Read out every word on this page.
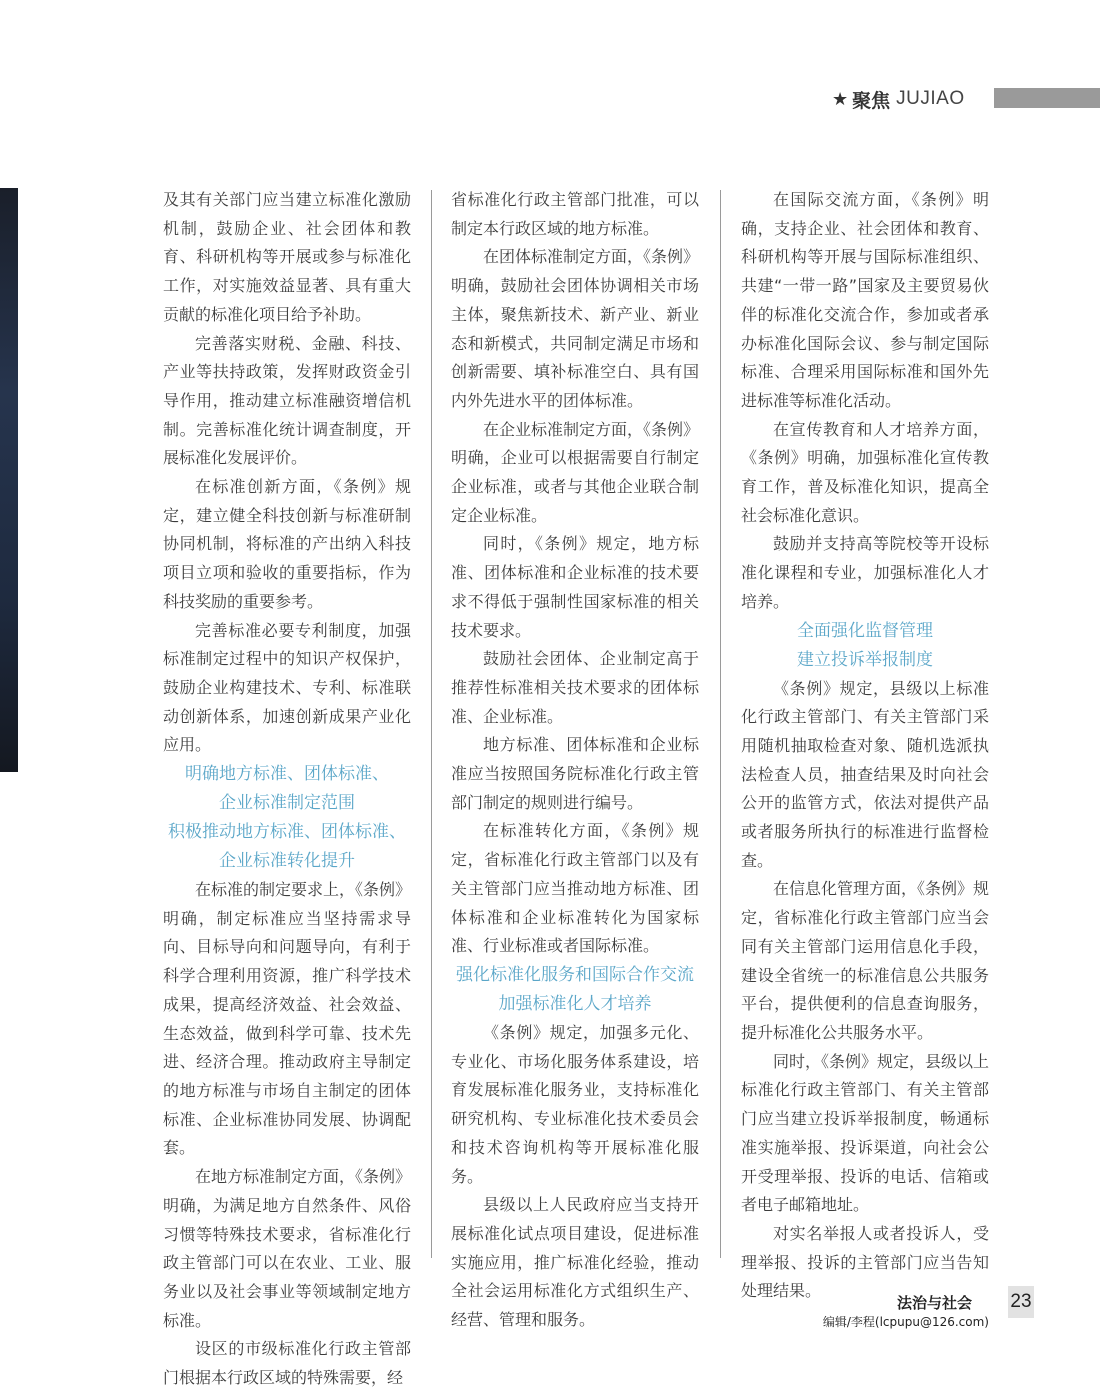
★ 聚焦 JUJIAO

及其有关部门应当建立标准化激励机制，鼓励企业、社会团体和教育、科研机构等开展或参与标准化工作，对实施效益显著、具有重大贡献的标准化项目给予补助。

完善落实财税、金融、科技、产业等扶持政策，发挥财政资金引导作用，推动建立标准融资增信机制。完善标准化统计调查制度，开展标准化发展评价。

在标准创新方面，《条例》规定，建立健全科技创新与标准研制协同机制，将标准的产出纳入科技项目立项和验收的重要指标，作为科技奖励的重要参考。

完善标准必要专利制度，加强标准制定过程中的知识产权保护，鼓励企业构建技术、专利、标准联动创新体系，加速创新成果产业化应用。

明确地方标准、团体标准、

企业标准制定范围

积极推动地方标准、团体标准、

企业标准转化提升

在标准的制定要求上，《条例》明确，制定标准应当坚持需求导向、目标导向和问题导向，有利于科学合理利用资源，推广科学技术成果，提高经济效益、社会效益、生态效益，做到科学可靠、技术先进、经济合理。推动政府主导制定的地方标准与市场自主制定的团体标准、企业标准协同发展、协调配套。

在地方标准制定方面，《条例》明确，为满足地方自然条件、风俗习惯等特殊技术要求，省标准化行政主管部门可以在农业、工业、服务业以及社会事业等领域制定地方标准。

设区的市级标准化行政主管部门根据本行政区域的特殊需要，经

省标准化行政主管部门批准，可以制定本行政区域的地方标准。

在团体标准制定方面，《条例》明确，鼓励社会团体协调相关市场主体，聚焦新技术、新产业、新业态和新模式，共同制定满足市场和创新需要、填补标准空白、具有国内外先进水平的团体标准。

在企业标准制定方面，《条例》明确，企业可以根据需要自行制定企业标准，或者与其他企业联合制定企业标准。

同时，《条例》规定，地方标准、团体标准和企业标准的技术要求不得低于强制性国家标准的相关技术要求。

鼓励社会团体、企业制定高于推荐性标准相关技术要求的团体标准、企业标准。

地方标准、团体标准和企业标准应当按照国务院标准化行政主管部门制定的规则进行编号。

在标准转化方面，《条例》规定，省标准化行政主管部门以及有关主管部门应当推动地方标准、团体标准和企业标准转化为国家标准、行业标准或者国际标准。

强化标准化服务和国际合作交流

加强标准化人才培养

《条例》规定，加强多元化、专业化、市场化服务体系建设，培育发展标准化服务业，支持标准化研究机构、专业标准化技术委员会和技术咨询机构等开展标准化服务。

县级以上人民政府应当支持开展标准化试点项目建设，促进标准实施应用，推广标准化经验，推动全社会运用标准化方式组织生产、经营、管理和服务。

在国际交流方面，《条例》明确，支持企业、社会团体和教育、科研机构等开展与国际标准组织、共建“一带一路”国家及主要贸易伙伴的标准化交流合作，参加或者承办标准化国际会议、参与制定国际标准、合理采用国际标准和国外先进标准等标准化活动。

在宣传教育和人才培养方面，《条例》明确，加强标准化宣传教育工作，普及标准化知识，提高全社会标准化意识。

鼓励并支持高等院校等开设标准化课程和专业，加强标准化人才培养。

全面强化监督管理

建立投诉举报制度

《条例》规定，县级以上标准化行政主管部门、有关主管部门采用随机抽取检查对象、随机选派执法检查人员，抽查结果及时向社会公开的监管方式，依法对提供产品或者服务所执行的标准进行监督检查。

在信息化管理方面，《条例》规定，省标准化行政主管部门应当会同有关主管部门运用信息化手段，建设全省统一的标准信息公共服务平台，提供便利的信息查询服务，提升标准化公共服务水平。

同时，《条例》规定，县级以上标准化行政主管部门、有关主管部门应当建立投诉举报制度，畅通标准实施举报、投诉渠道，向社会公开受理举报、投诉的电话、信箱或者电子邮箱地址。

对实名举报人或者投诉人，受理举报、投诉的主管部门应当告知处理结果。

编辑/李程(lcpupu@126.com)
法治与社会 23
